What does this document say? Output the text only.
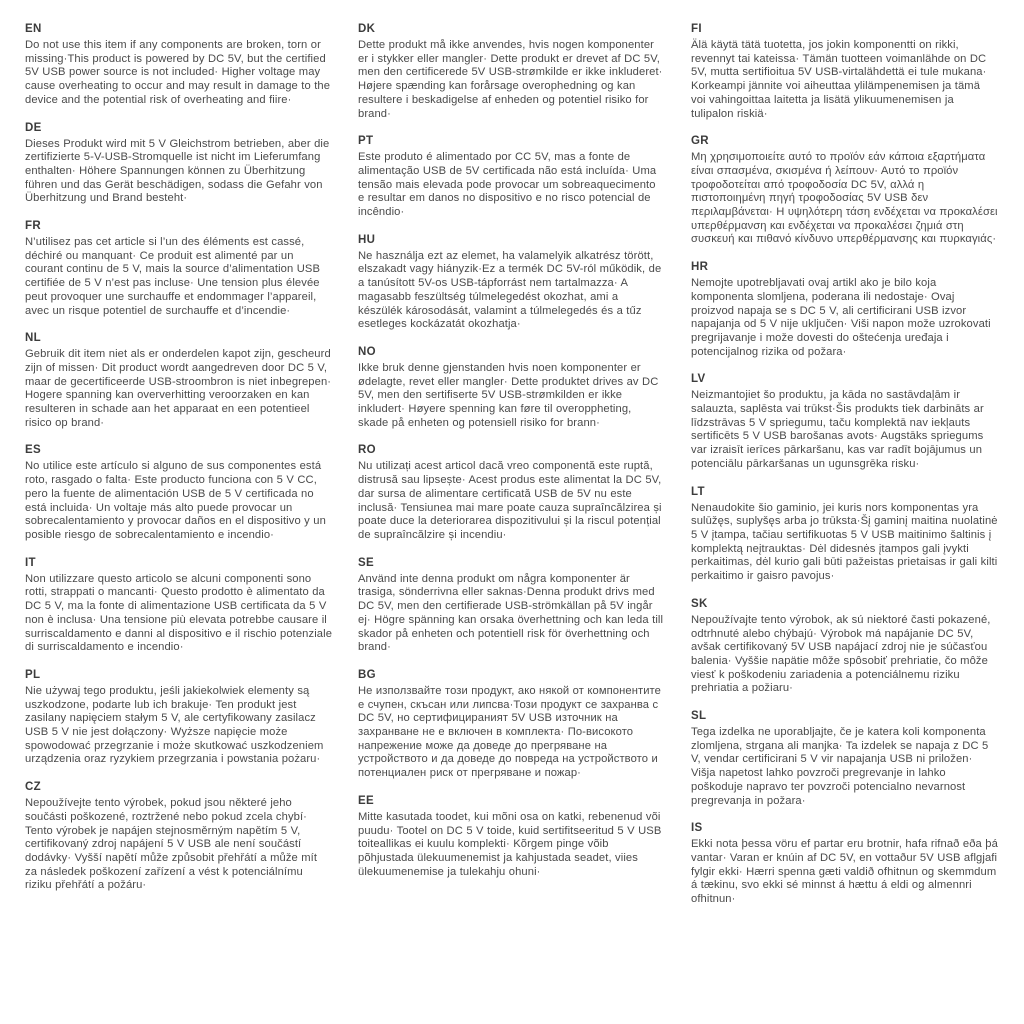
EN
Do not use this item if any components are broken, torn or missing·This product is powered by DC 5V, but the certified 5V USB power source is not included· Higher voltage may cause overheating to occur and may result in damage to the device and the potential risk of overheating and fiire·
DE
Dieses Produkt wird mit 5 V Gleichstrom betrieben, aber die zertifizierte 5-V-USB-Stromquelle ist nicht im Lieferumfang enthalten· Höhere Spannungen können zu Überhitzung führen und das Gerät beschädigen, sodass die Gefahr von Überhitzung und Brand besteht·
FR
N’utilisez pas cet article si l’un des éléments est cassé, déchiré ou manquant· Ce produit est alimenté par un courant continu de 5 V, mais la source d’alimentation USB certifiée de 5 V n’est pas incluse· Une tension plus élevée peut provoquer une surchauffe et endommager l’appareil, avec un risque potentiel de surchauffe et d’incendie·
NL
Gebruik dit item niet als er onderdelen kapot zijn, gescheurd zijn of missen· Dit product wordt aangedreven door DC 5 V, maar de gecertificeerde USB-stroombron is niet inbegrepen· Hogere spanning kan oververhitting veroorzaken en kan resulteren in schade aan het apparaat en een potentieel risico op brand·
ES
No utilice este artículo si alguno de sus componentes está roto, rasgado o falta· Este producto funciona con 5 V CC, pero la fuente de alimentación USB de 5 V certificada no está incluida· Un voltaje más alto puede provocar un sobrecalentamiento y provocar daños en el dispositivo y un posible riesgo de sobrecalentamiento e incendio·
IT
Non utilizzare questo articolo se alcuni componenti sono rotti, strappati o mancanti· Questo prodotto è alimentato da DC 5 V, ma la fonte di alimentazione USB certificata da 5 V non è inclusa· Una tensione più elevata potrebbe causare il surriscaldamento e danni al dispositivo e il rischio potenziale di surriscaldamento e incendio·
PL
Nie używaj tego produktu, jeśli jakiekolwiek elementy są uszkodzone, podarte lub ich brakuje· Ten produkt jest zasilany napięciem stałym 5 V, ale certyfikowany zasilacz USB 5 V nie jest dołączony· Wyższe napięcie może spowodować przegrzanie i może skutkować uszkodzeniem urządzenia oraz ryzykiem przegrzania i powstania pożaru·
CZ
Nepoužívejte tento výrobek, pokud jsou některé jeho součásti poškozené, roztržené nebo pokud zcela chybí· Tento výrobek je napájen stejnosměrným napětím 5 V, certifikovaný zdroj napájení 5 V USB ale není součástí dodávky· Vyšší napětí může způsobit přehřátí a může mít za následek poškození zařízení a vést k potenciálnímu riziku přehřátí a požáru·
DK
Dette produkt må ikke anvendes, hvis nogen komponenter er i stykker eller mangler· Dette produkt er drevet af DC 5V, men den certificerede 5V USB-strømkilde er ikke inkluderet· Højere spænding kan forårsage overophedning og kan resultere i beskadigelse af enheden og potentiel risiko for brand·
PT
Este produto é alimentado por CC 5V, mas a fonte de alimentação USB de 5V certificada não está incluída· Uma tensão mais elevada pode provocar um sobreaquecimento e resultar em danos no dispositivo e no risco potencial de incêndio·
HU
Ne használja ezt az elemet, ha valamelyik alkatrész törött, elszakadt vagy hiányzik·Ez a termék DC 5V-ról működik, de a tanúsított 5V-os USB-tápforrást nem tartalmazza· A magasabb feszültség túlmelegedést okozhat, ami a készülék károsodását, valamint a túlmelegedés és a tűz esetleges kockázatát okozhatja·
NO
Ikke bruk denne gjenstanden hvis noen komponenter er ødelagte, revet eller mangler· Dette produktet drives av DC 5V, men den sertifiserte 5V USB-strømkilden er ikke inkludert· Høyere spenning kan føre til overoppheting, skade på enheten og potensiell risiko for brann·
RO
Nu utilizați acest articol dacă vreo componentă este ruptă, distrusă sau lipsește· Acest produs este alimentat la DC 5V, dar sursa de alimentare certificată USB de 5V nu este inclusă· Tensiunea mai mare poate cauza supraîncălzirea și poate duce la deteriorarea dispozitivului și la riscul potențial de supraîncălzire și incendiu·
SE
Använd inte denna produkt om några komponenter är trasiga, sönderrivna eller saknas·Denna produkt drivs med DC 5V, men den certifierade USB-strömkällan på 5V ingår ej· Högre spänning kan orsaka överhettning och kan leda till skador på enheten och potentiell risk för överhettning och brand·
BG
Не използвайте този продукт, ако някой от компонентите е счупен, скъсан или липсва·Този продукт се захранва с DC 5V, но сертифицираният 5V USB източник на захранване не е включен в комплекта· По-високото напрежение може да доведе до прегряване на устройството и да доведе до повреда на устройството и потенциален риск от прегряване и пожар·
EE
Mitte kasutada toodet, kui mõni osa on katki, rebenenud või puudu· Tootel on DC 5 V toide, kuid sertifitseeritud 5 V USB toiteallikas ei kuulu komplekti· Kõrgem pinge võib põhjustada ülekuumenemist ja kahjustada seadet, viies ülekuumenemise ja tulekahju ohuni·
FI
Älä käytä tätä tuotetta, jos jokin komponentti on rikki, revennyt tai kateissa· Tämän tuotteen voimanlähde on DC 5V, mutta sertifioitua 5V USB-virtalähdettä ei tule mukana· Korkeampi jännite voi aiheuttaa ylilämpenemisen ja tämä voi vahingoittaa laitetta ja lisätä ylikuumenemisen ja tulipalon riskiä·
GR
Μη χρησιμοποιείτε αυτό το προϊόν εάν κάποια εξαρτήματα είναι σπασμένα, σκισμένα ή λείπουν· Αυτό το προϊόν τροφοδοτείται από τροφοδοσία DC 5V, αλλά η πιστοποιημένη πηγή τροφοδοσίας 5V USB δεν περιλαμβάνεται· Η υψηλότερη τάση ενδέχεται να προκαλέσει υπερθέρμανση και ενδέχεται να προκαλέσει ζημιά στη συσκευή και πιθανό κίνδυνο υπερθέρμανσης και πυρκαγιάς·
HR
Nemojte upotrebljavati ovaj artikl ako je bilo koja komponenta slomljena, poderana ili nedostaje· Ovaj proizvod napaja se s DC 5 V, ali certificirani USB izvor napajanja od 5 V nije uključen· Viši napon može uzrokovati pregrijavanje i može dovesti do oštećenja uređaja i potencijalnog rizika od požara·
LV
Neizmantojiet šo produktu, ja kāda no sastāvdaļām ir salauzta, saplēsta vai trūkst·Šis produkts tiek darbināts ar līdzstrāvas 5 V spriegumu, taču komplektā nav iekļauts sertificēts 5 V USB barošanas avots· Augstāks spriegums var izraisīt ierīces pārkaršanu, kas var radīt bojājumus un potenciālu pārkaršanas un ugunsgrēka risku·
LT
Nenaudokite šio gaminio, jei kuris nors komponentas yra sulūžęs, suplyšęs arba jo trūksta·Šį gaminį maitina nuolatinė 5 V įtampa, tačiau sertifikuotas 5 V USB maitinimo šaltinis į komplektą neįtrauktas· Dėl didesnės įtampos gali įvykti perkaitimas, dėl kurio gali būti pažeistas prietaisas ir gali kilti perkaitimo ir gaisro pavojus·
SK
Nepoužívajte tento výrobok, ak sú niektoré časti pokazené, odtrhnuté alebo chýbajú· Výrobok má napájanie DC 5V, avšak certifikovaný 5V USB napájací zdroj nie je súčasťou balenia· Vyššie napätie môže spôsobiť prehriatie, čo môže viesť k poškodeniu zariadenia a potenciálnemu riziku prehriatia a požiaru·
SL
Tega izdelka ne uporabljajte, če je katera koli komponenta zlomljena, strgana ali manjka· Ta izdelek se napaja z DC 5 V, vendar certificirani 5 V vir napajanja USB ni priložen· Višja napetost lahko povzroči pregrevanje in lahko poškoduje napravo ter povzroči potencialno nevarnost pregrevanja in požara·
IS
Ekki nota þessa vöru ef partar eru brotnir, hafa rifnað eða þá vantar· Varan er knúin af DC 5V, en vottaður 5V USB aflgjafi fylgir ekki· Hærri spenna gæti valdið ofhitnun og skemmdum á tækinu, svo ekki sé minnst á hættu á eldi og almennri ofhitnun·
